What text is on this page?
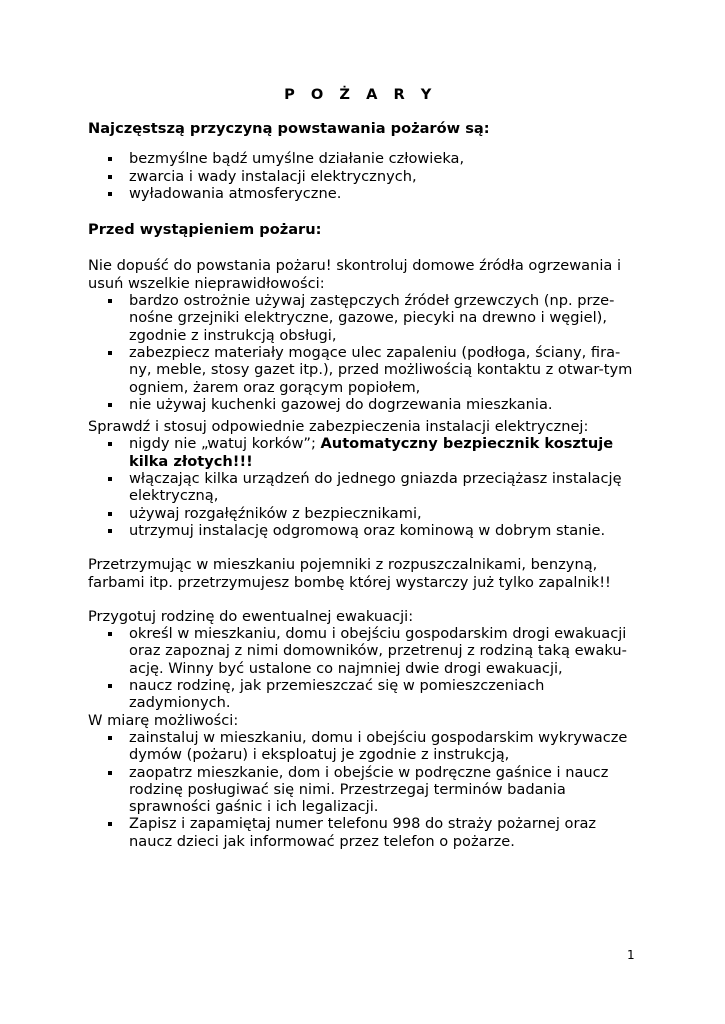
P O Ż A R Y
Najczęstszą przyczyną powstawania pożarów są:
bezmyślne bądź umyślne działanie człowieka,
zwarcia i wady instalacji elektrycznych,
wyładowania atmosferyczne.
Przed wystąpieniem pożaru:

Nie dopuść do powstania pożaru! skontroluj domowe źródła ogrzewania i usuń wszelkie nieprawidłowości:

bardzo ostrożnie używaj zastępczych źródeł grzewczych (np. prze-nośne grzejniki elektryczne, gazowe, piecyki na drewno i węgiel), zgodnie z instrukcją obsługi,
zabezpiecz materiały mogące ulec zapaleniu (podłoga, ściany, fira-ny, meble, stosy gazet itp.), przed możliwością kontaktu z otwar-tym ogniem, żarem oraz gorącym popiołem,
nie używaj kuchenki gazowej do dogrzewania mieszkania.

Sprawdź i stosuj odpowiednie zabezpieczenia instalacji elektrycznej:

nigdy nie „watuj korków”; Automatyczny bezpiecznik kosztuje kilka złotych!!!
włączając kilka urządzeń do jednego gniazda przeciążasz instalację elektryczną,
używaj rozgałęźników z bezpiecznikami,
utrzymuj instalację odgromową oraz kominową w dobrym stanie.

Przetrzymując w mieszkaniu pojemniki z rozpuszczalnikami, benzyną, farbami itp. przetrzymujesz bombę której wystarczy już tylko zapalnik!!

Przygotuj rodzinę do ewentualnej ewakuacji:

określ w mieszkaniu, domu i obejściu gospodarskim drogi ewakuacji oraz zapoznaj z nimi domowników, przetrenuj z rodziną taką ewaku-ację. Winny być ustalone co najmniej dwie drogi ewakuacji,
naucz rodzinę, jak przemieszczać się w pomieszczeniach zadymionych.

W miarę możliwości:

zainstaluj w mieszkaniu, domu i obejściu gospodarskim wykrywacze dymów (pożaru) i eksploatuj je zgodnie z instrukcją,
zaopatrz mieszkanie, dom i obejście w podręczne gaśnice i naucz rodzinę posługiwać się nimi. Przestrzegaj terminów badania sprawności gaśnic i ich legalizacji.
Zapisz i zapamiętaj numer telefonu 998 do straży pożarnej oraz naucz dzieci jak informować przez telefon o pożarze.
1
